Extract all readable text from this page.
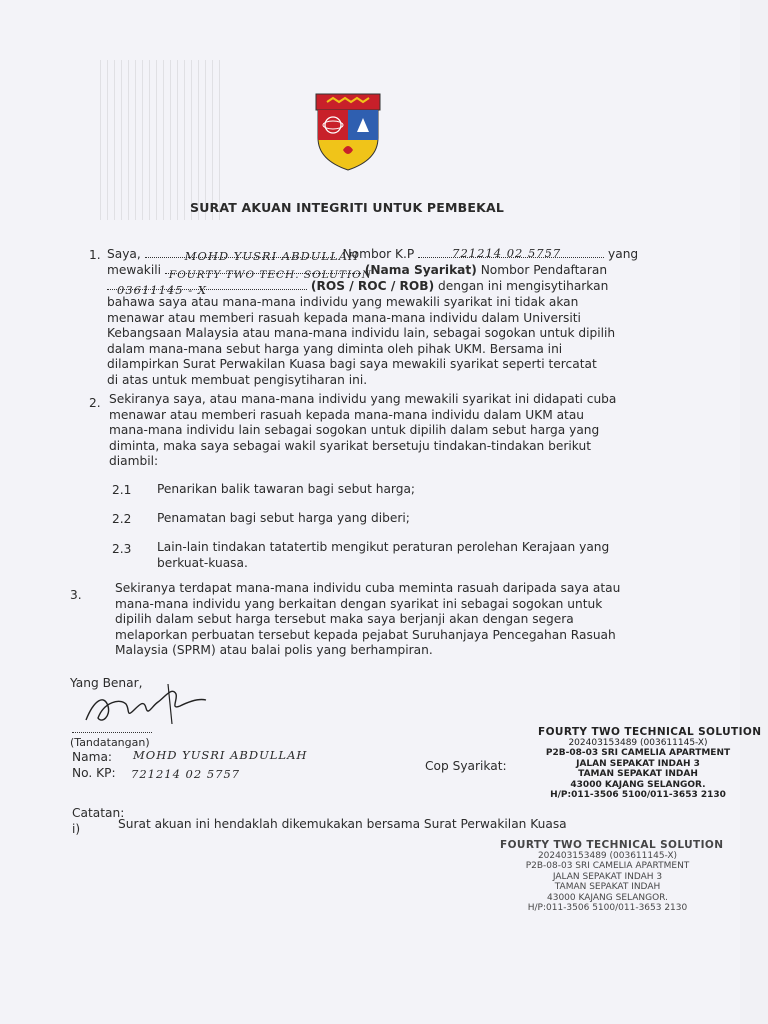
SURAT AKUAN INTEGRITI UNTUK PEMBEKAL
1. Saya,	MOHD YUSRI ABDULLAH
Nombor K.P	721214 02 5757	yang
mewakili FOURTY TWO TECH. SOLUTION
(Nama Syarikat) Nombor Pendaftaran
03611145 - X	(ROS / ROC / ROB) dengan ini mengisytiharkan
bahawa saya atau mana-mana individu yang mewakili syarikat ini tidak akan
menawar atau memberi rasuah kepada mana-mana individu dalam Universiti
Kebangsaan Malaysia atau mana-mana individu lain, sebagai sogokan untuk dipilih
dalam mana-mana sebut harga yang diminta oleh pihak UKM. Bersama ini
dilampirkan Surat Perwakilan Kuasa bagi saya mewakili syarikat seperti tercatat
di atas untuk membuat pengisytiharan ini.
2. Sekiranya saya, atau mana-mana individu yang mewakili syarikat ini didapati cuba
menawar atau memberi rasuah kepada mana-mana individu dalam UKM atau
mana-mana individu lain sebagai sogokan untuk dipilih dalam sebut harga yang
diminta, maka saya sebagai wakil syarikat bersetuju tindakan-tindakan berikut
diambil:
2.1 Penarikan balik tawaran bagi sebut harga;
2.2 Penamatan bagi sebut harga yang diberi;
2.3 Lain-lain tindakan tatatertib mengikut peraturan perolehan Kerajaan yang
berkuat-kuasa.
3.	Sekiranya terdapat mana-mana individu cuba meminta rasuah daripada saya atau
mana-mana individu yang berkaitan dengan syarikat ini sebagai sogokan untuk
dipilih dalam sebut harga tersebut maka saya berjanji akan dengan segera
melaporkan perbuatan tersebut kepada pejabat Suruhanjaya Pencegahan Rasuah
Malaysia (SPRM) atau balai polis yang berhampiran.
Yang Benar,
(Tandatangan)
Nama: MOHD YUSRI ABDULLAH
No. KP: 721214 02 5757
Cop Syarikat:
FOURTY TWO TECHNICAL SOLUTION
202403153489 (003611145-X)
P2B-08-03 SRI CAMELIA APARTMENT
JALAN SEPAKAT INDAH 3
TAMAN SEPAKAT INDAH
43000 KAJANG SELANGOR.
H/P:011-3506 5100/011-3653 2130
Catatan:
i)	Surat akuan ini hendaklah dikemukakan bersama Surat Perwakilan Kuasa
FOURTY TWO TECHNICAL SOLUTION
202403153489 (003611145-X)
P2B-08-03 SRI CAMELIA APARTMENT
JALAN SEPAKAT INDAH 3
TAMAN SEPAKAT INDAH
43000 KAJANG SELANGOR.
H/P:011-3506 5100/011-3653 2130
